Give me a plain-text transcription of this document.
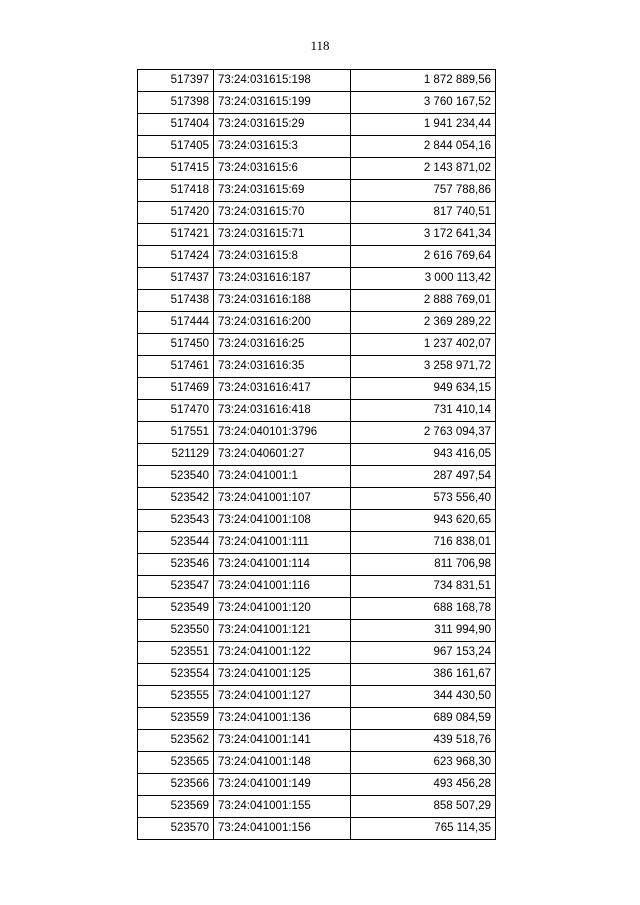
118
517397	73:24:031615:198	1 872 889,56
517398	73:24:031615:199	3 760 167,52
517404	73:24:031615:29	1 941 234,44
517405	73:24:031615:3	2 844 054,16
517415	73:24:031615:6	2 143 871,02
517418	73:24:031615:69	757 788,86
517420	73:24:031615:70	817 740,51
517421	73:24:031615:71	3 172 641,34
517424	73:24:031615:8	2 616 769,64
517437	73:24:031616:187	3 000 113,42
517438	73:24:031616:188	2 888 769,01
517444	73:24:031616:200	2 369 289,22
517450	73:24:031616:25	1 237 402,07
517461	73:24:031616:35	3 258 971,72
517469	73:24:031616:417	949 634,15
517470	73:24:031616:418	731 410,14
517551	73:24:040101:3796	2 763 094,37
521129	73:24:040601:27	943 416,05
523540	73:24:041001:1	287 497,54
523542	73:24:041001:107	573 556,40
523543	73:24:041001:108	943 620,65
523544	73:24:041001:111	716 838,01
523546	73:24:041001:114	811 706,98
523547	73:24:041001:116	734 831,51
523549	73:24:041001:120	688 168,78
523550	73:24:041001:121	311 994,90
523551	73:24:041001:122	967 153,24
523554	73:24:041001:125	386 161,67
523555	73:24:041001:127	344 430,50
523559	73:24:041001:136	689 084,59
523562	73:24:041001:141	439 518,76
523565	73:24:041001:148	623 968,30
523566	73:24:041001:149	493 456,28
523569	73:24:041001:155	858 507,29
523570	73:24:041001:156	765 114,35
